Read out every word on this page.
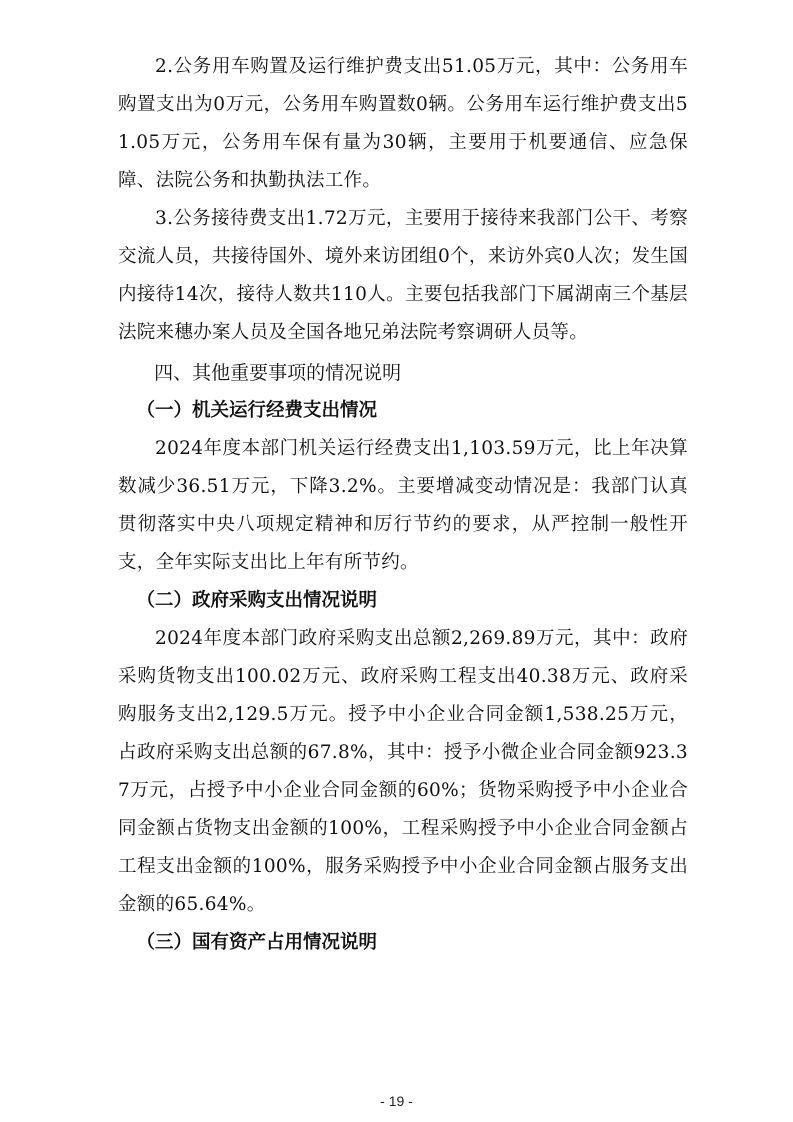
2.公务用车购置及运行维护费支出51.05万元，其中：公务用车购置支出为0万元，公务用车购置数0辆。公务用车运行维护费支出51.05万元，公务用车保有量为30辆，主要用于机要通信、应急保障、法院公务和执勤执法工作。

3.公务接待费支出1.72万元，主要用于接待来我部门公干、考察交流人员，共接待国外、境外来访团组0个，来访外宾0人次；发生国内接待14次，接待人数共110人。主要包括我部门下属湖南三个基层法院来穗办案人员及全国各地兄弟法院考察调研人员等。

四、其他重要事项的情况说明
（一）机关运行经费支出情况

2024年度本部门机关运行经费支出1,103.59万元，比上年决算数减少36.51万元，下降3.2%。主要增减变动情况是：我部门认真贯彻落实中央八项规定精神和厉行节约的要求，从严控制一般性开支，全年实际支出比上年有所节约。

（二）政府采购支出情况说明

2024年度本部门政府采购支出总额2,269.89万元，其中：政府采购货物支出100.02万元、政府采购工程支出40.38万元、政府采购服务支出2,129.5万元。授予中小企业合同金额1,538.25万元，占政府采购支出总额的67.8%，其中：授予小微企业合同金额923.37万元，占授予中小企业合同金额的60%；货物采购授予中小企业合同金额占货物支出金额的100%，工程采购授予中小企业合同金额占工程支出金额的100%，服务采购授予中小企业合同金额占服务支出金额的65.64%。

（三）国有资产占用情况说明
- 19 -
